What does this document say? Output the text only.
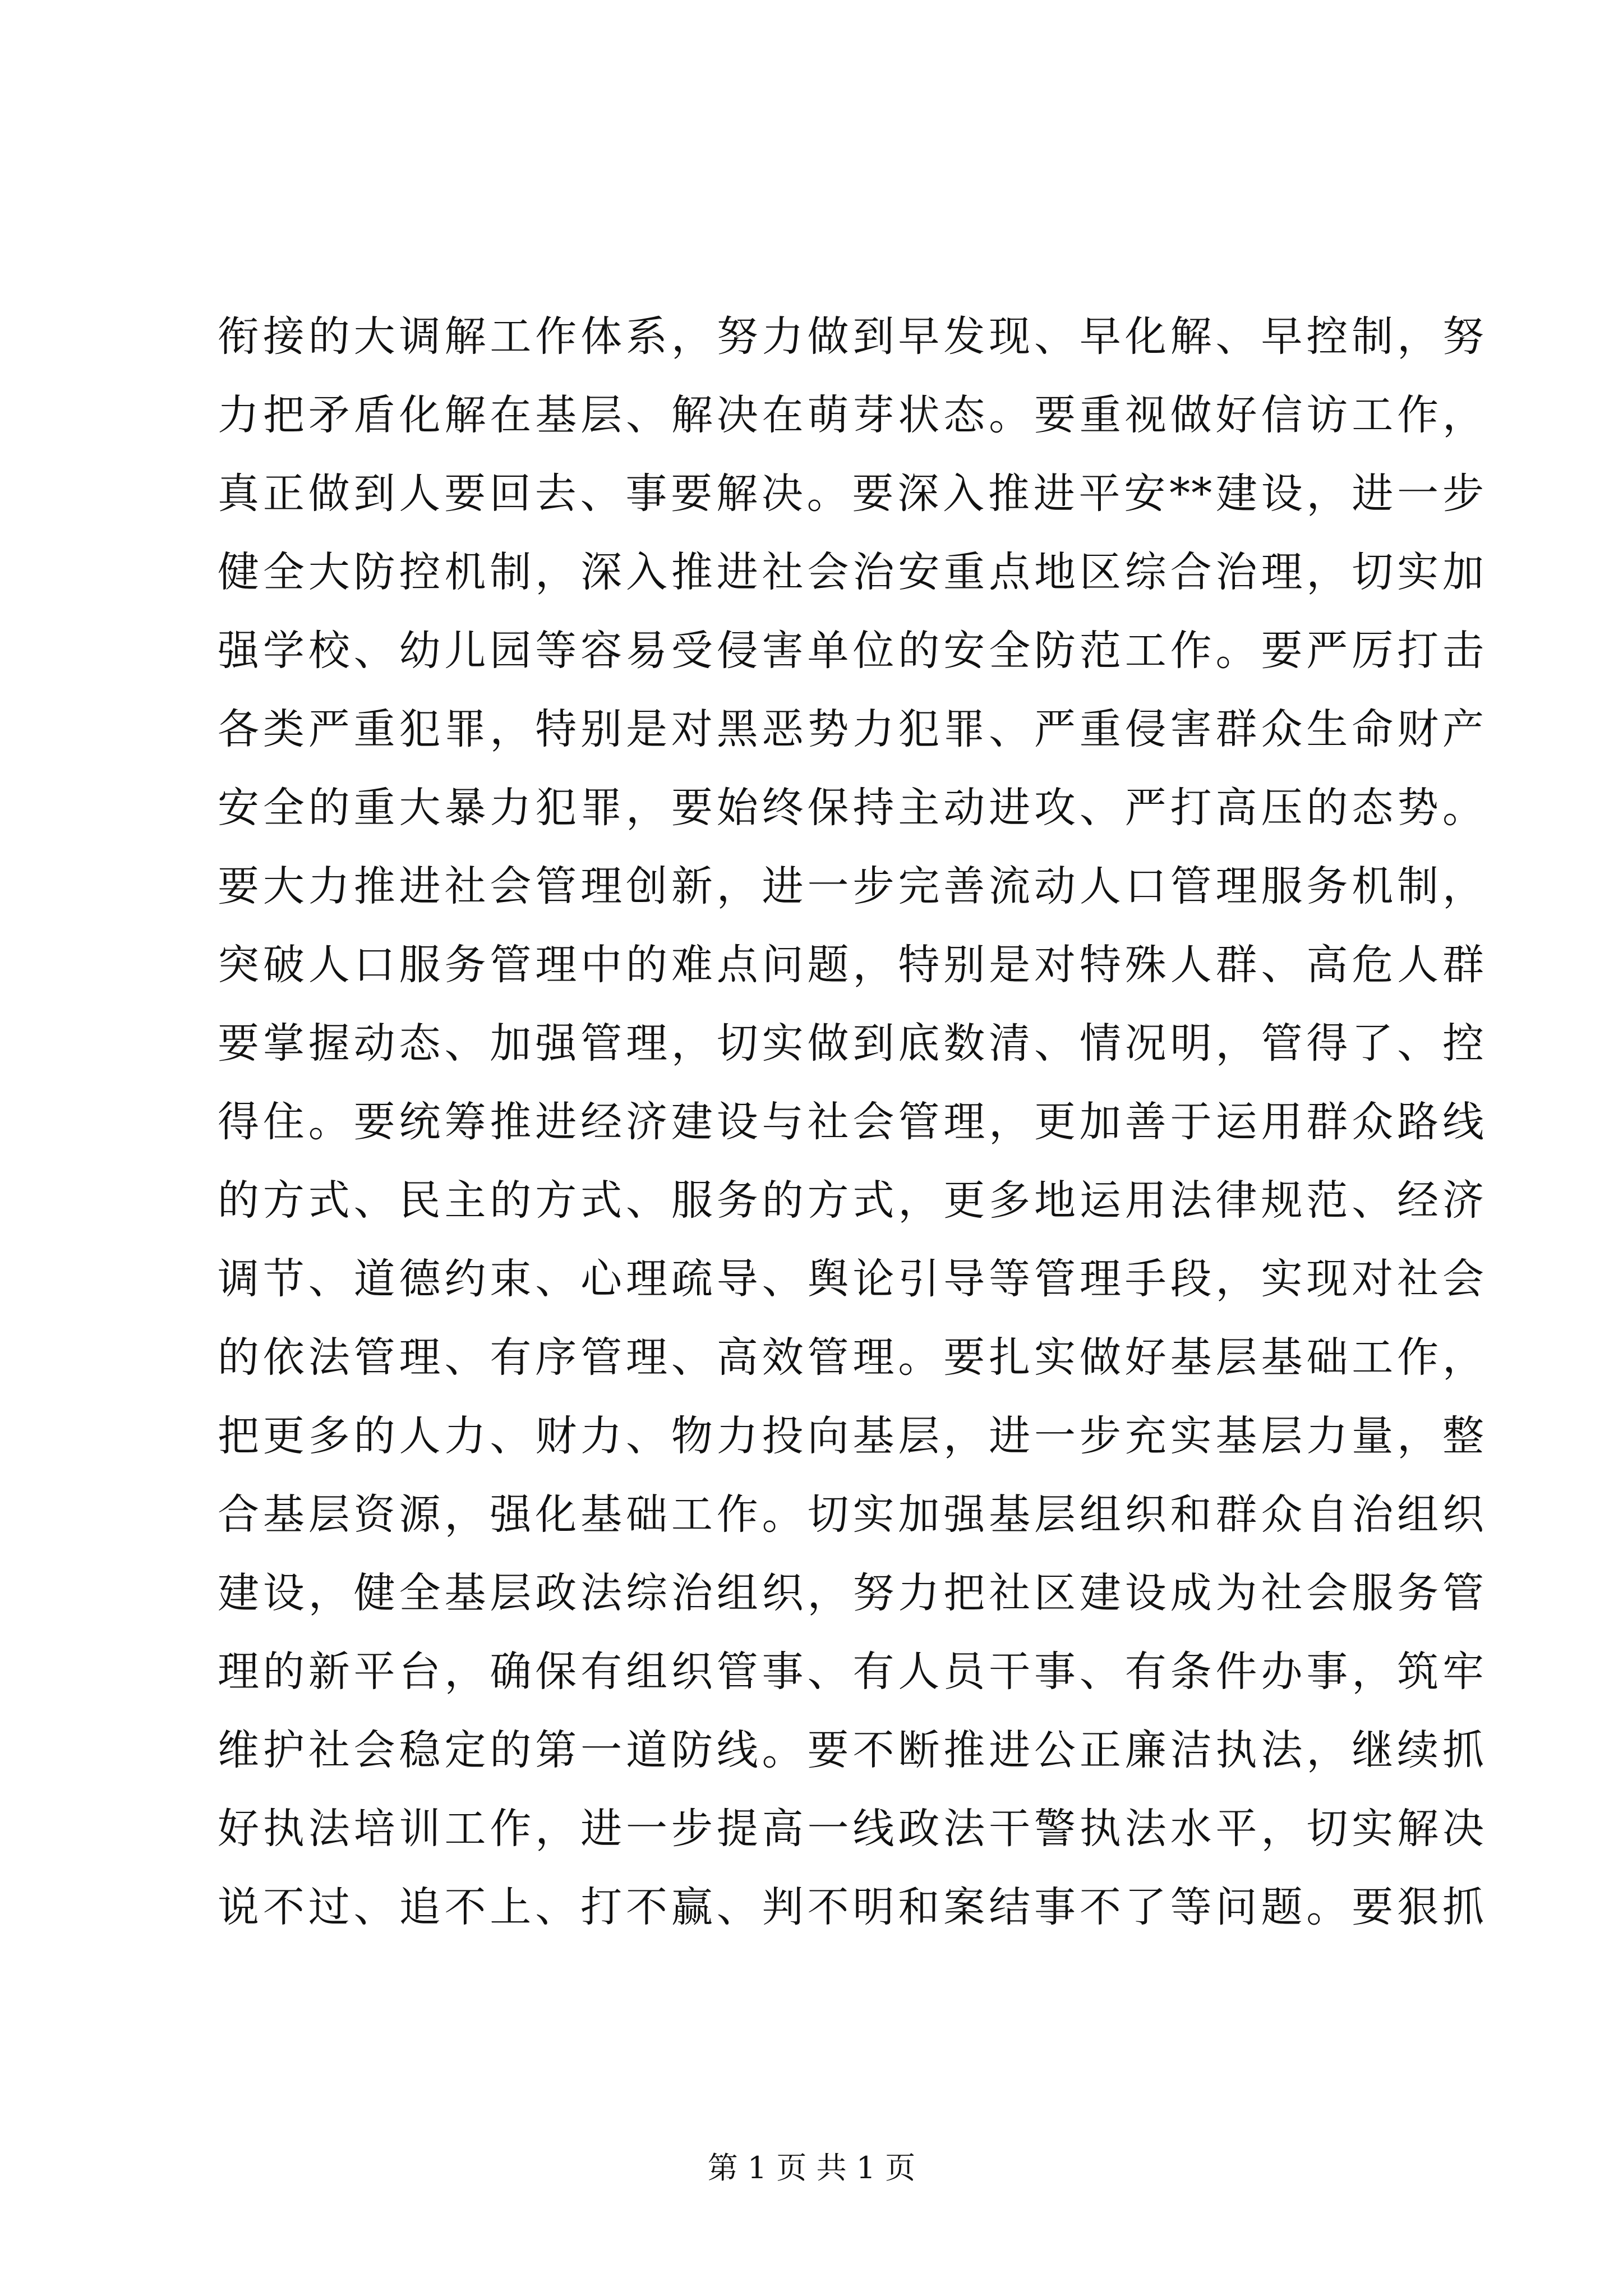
衔接的大调解工作体系，努力做到早发现、早化解、早控制，努
力把矛盾化解在基层、解决在萌芽状态。要重视做好信访工作，
真正做到人要回去、事要解决。要深入推进平安**建设，进一步
健全大防控机制，深入推进社会治安重点地区综合治理，切实加
强学校、幼儿园等容易受侵害单位的安全防范工作。要严厉打击
各类严重犯罪，特别是对黑恶势力犯罪、严重侵害群众生命财产
安全的重大暴力犯罪，要始终保持主动进攻、严打高压的态势。
要大力推进社会管理创新，进一步完善流动人口管理服务机制，
突破人口服务管理中的难点问题，特别是对特殊人群、高危人群
要掌握动态、加强管理，切实做到底数清、情况明，管得了、控
得住。要统筹推进经济建设与社会管理，更加善于运用群众路线
的方式、民主的方式、服务的方式，更多地运用法律规范、经济
调节、道德约束、心理疏导、舆论引导等管理手段，实现对社会
的依法管理、有序管理、高效管理。要扎实做好基层基础工作，
把更多的人力、财力、物力投向基层，进一步充实基层力量，整
合基层资源，强化基础工作。切实加强基层组织和群众自治组织
建设，健全基层政法综治组织，努力把社区建设成为社会服务管
理的新平台，确保有组织管事、有人员干事、有条件办事，筑牢
维护社会稳定的第一道防线。要不断推进公正廉洁执法，继续抓
好执法培训工作，进一步提高一线政法干警执法水平，切实解决
说不过、追不上、打不赢、判不明和案结事不了等问题。要狠抓
第 1 页 共 1 页
